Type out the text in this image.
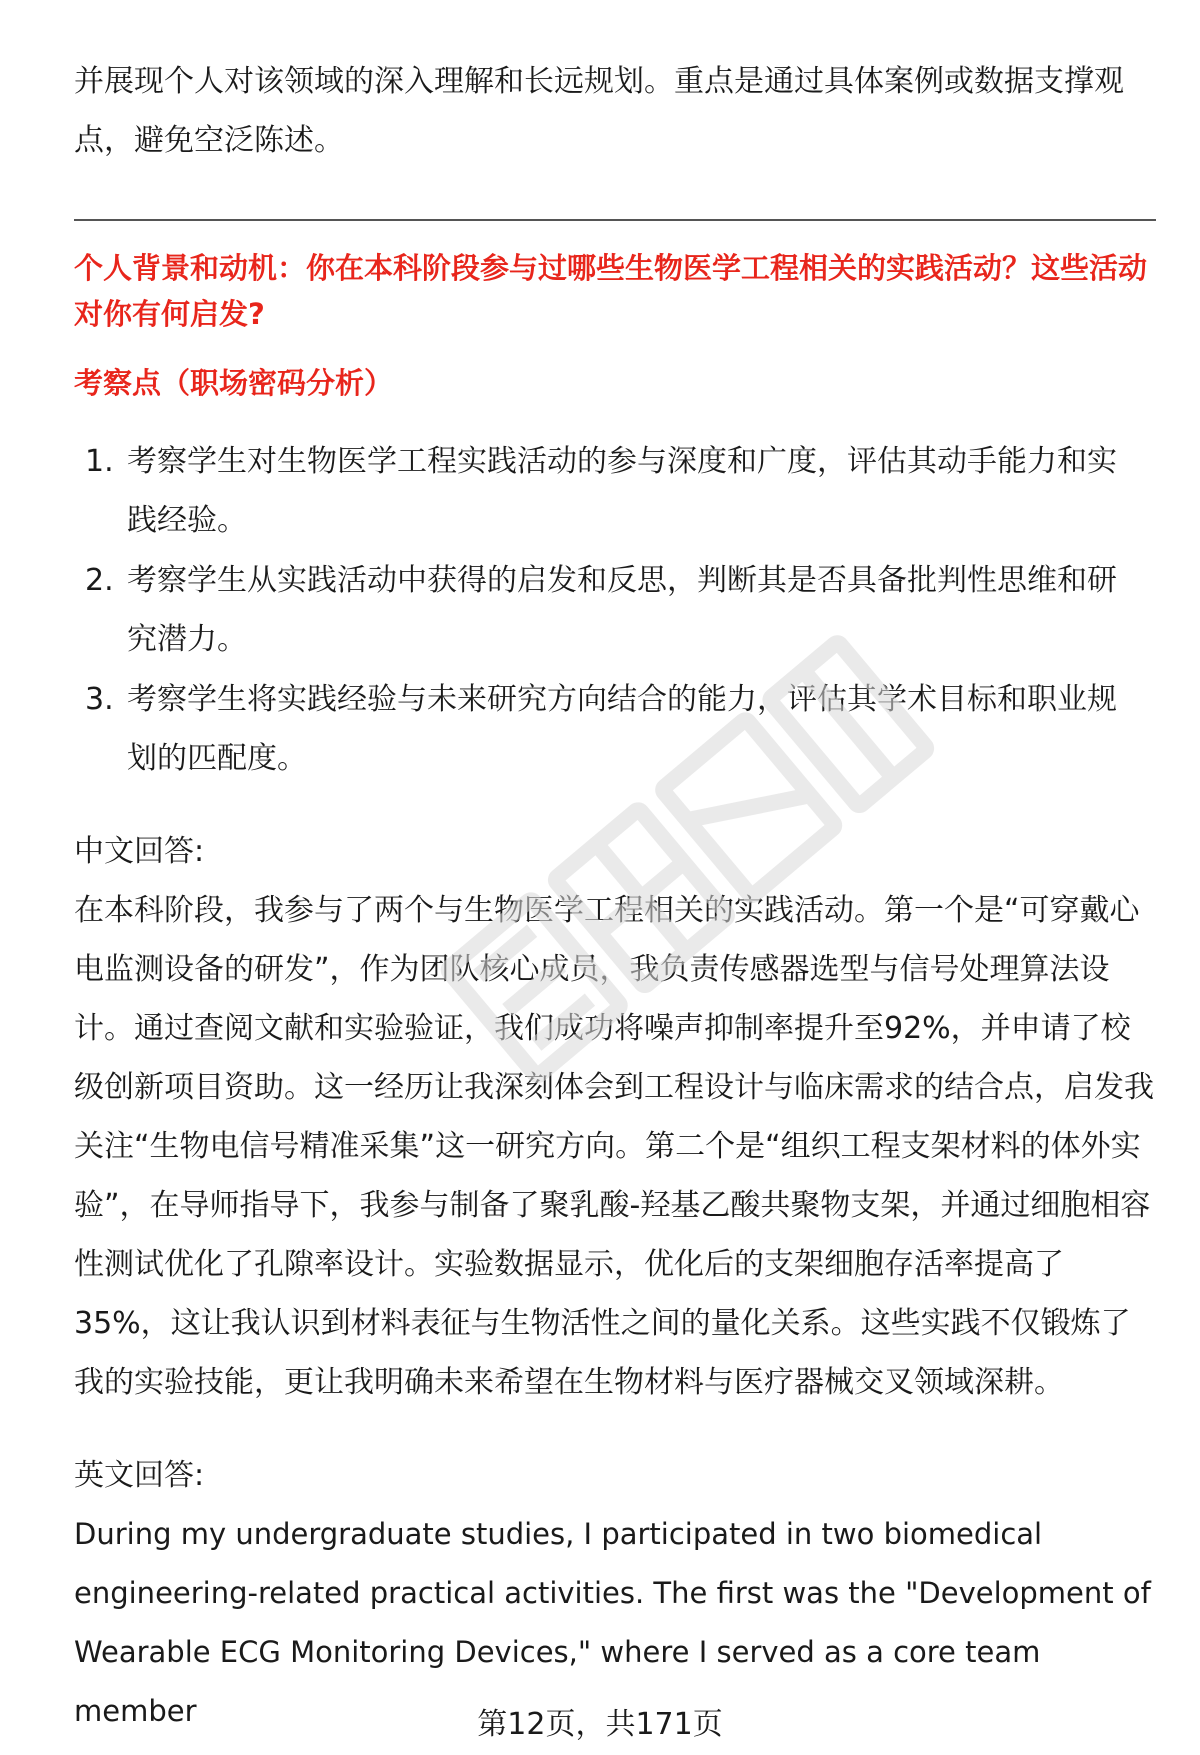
并展现个人对该领域的深入理解和长远规划。重点是通过具体案例或数据支撑观点，避免空泛陈述。

个人背景和动机：你在本科阶段参与过哪些生物医学工程相关的实践活动？这些活动对你有何启发?

考察点（职场密码分析）

1. 考察学生对生物医学工程实践活动的参与深度和广度，评估其动手能力和实践经验。
2. 考察学生从实践活动中获得的启发和反思，判断其是否具备批判性思维和研究潜力。
3. 考察学生将实践经验与未来研究方向结合的能力，评估其学术目标和职业规划的匹配度。

中文回答:

在本科阶段，我参与了两个与生物医学工程相关的实践活动。第一个是“可穿戴心电监测设备的研发”，作为团队核心成员，我负责传感器选型与信号处理算法设计。通过查阅文献和实验验证，我们成功将噪声抑制率提升至92%，并申请了校级创新项目资助。这一经历让我深刻体会到工程设计与临床需求的结合点，启发我关注“生物电信号精准采集”这一研究方向。第二个是“组织工程支架材料的体外实验”，在导师指导下，我参与制备了聚乳酸-羟基乙酸共聚物支架，并通过细胞相容性测试优化了孔隙率设计。实验数据显示，优化后的支架细胞存活率提高了35%，这让我认识到材料表征与生物活性之间的量化关系。这些实践不仅锻炼了我的实验技能，更让我明确未来希望在生物材料与医疗器械交叉领域深耕。

英文回答:

During my undergraduate studies, I participated in two biomedical engineering-related practical activities. The first was the "Development of Wearable ECG Monitoring Devices," where I served as a core team member	第12页，共171页
